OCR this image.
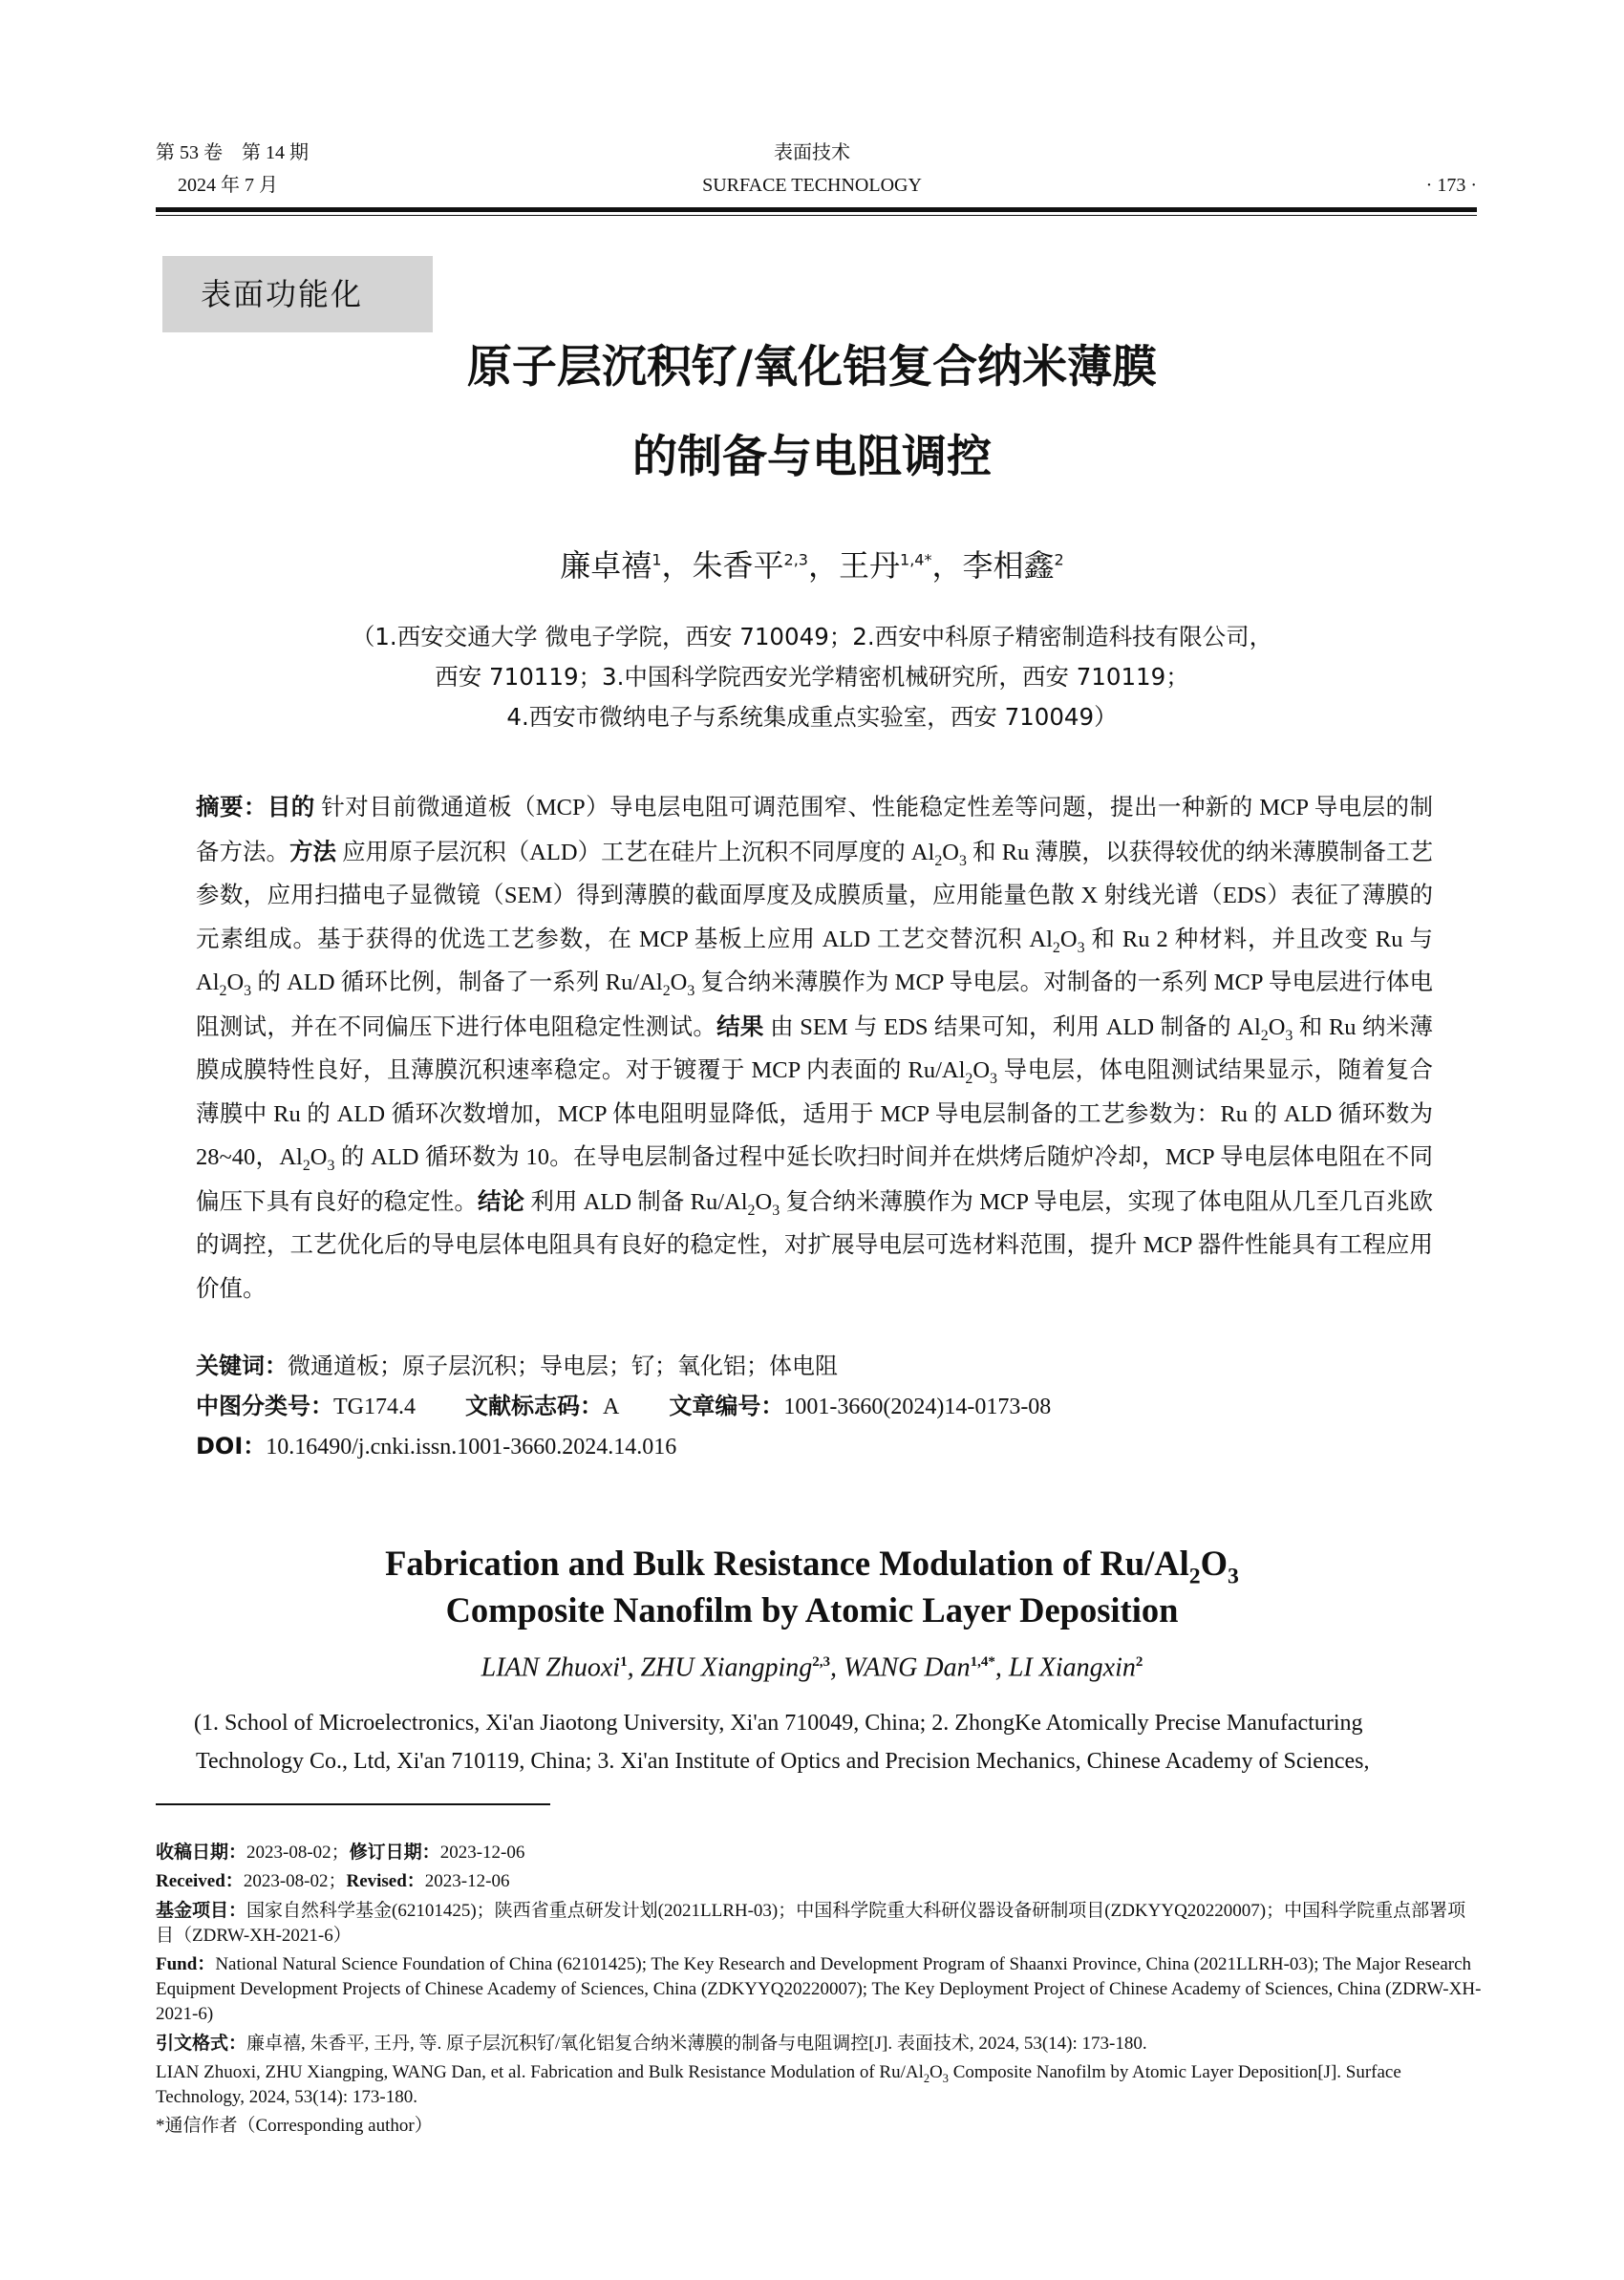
第 53 卷　第 14 期
2024 年 7 月
表面技术
SURFACE TECHNOLOGY	· 173 ·
表面功能化
原子层沉积钌/氧化铝复合纳米薄膜
的制备与电阻调控
廉卓禧$^1$，朱香平$^{2,3}$，王丹$^{1,4*}$，李相鑫$^2$
（1.西安交通大学 微电子学院，西安 710049；2.西安中科原子精密制造科技有限公司，
西安 710119；3.中国科学院西安光学精密机械研究所，西安 710119；
4.西安市微纳电子与系统集成重点实验室，西安 710049）
摘要：目的 针对目前微通道板（MCP）导电层电阻可调范围窄、性能稳定性差等问题，提出一种新的 MCP 导电层的制备方法。方法 应用原子层沉积（ALD）工艺在硅片上沉积不同厚度的 $Al_2O_3$ 和 Ru 薄膜，以获得较优的纳米薄膜制备工艺参数，应用扫描电子显微镜（SEM）得到薄膜的截面厚度及成膜质量，应用能量色散 X 射线光谱（EDS）表征了薄膜的元素组成。基于获得的优选工艺参数，在 MCP 基板上应用 ALD 工艺交替沉积 $Al_2O_3$ 和 Ru 2 种材料，并且改变 Ru 与 $Al_2O_3$ 的 ALD 循环比例，制备了一系列 $Ru/Al_2O_3$ 复合纳米薄膜作为 MCP 导电层。对制备的一系列 MCP 导电层进行体电阻测试，并在不同偏压下进行体电阻稳定性测试。结果 由 SEM 与 EDS 结果可知，利用 ALD 制备的 $Al_2O_3$ 和 Ru 纳米薄膜成膜特性良好，且薄膜沉积速率稳定。对于镀覆于 MCP 内表面的 $Ru/Al_2O_3$ 导电层，体电阻测试结果显示，随着复合薄膜中 Ru 的 ALD 循环次数增加，MCP 体电阻明显降低，适用于 MCP 导电层制备的工艺参数为：Ru 的 ALD 循环数为 28~40，$Al_2O_3$ 的 ALD 循环数为 10。在导电层制备过程中延长吹扫时间并在烘烤后随炉冷却，MCP 导电层体电阻在不同偏压下具有良好的稳定性。结论 利用 ALD 制备 $Ru/Al_2O_3$ 复合纳米薄膜作为 MCP 导电层，实现了体电阻从几至几百兆欧的调控，工艺优化后的导电层体电阻具有良好的稳定性，对扩展导电层可选材料范围，提升 MCP 器件性能具有工程应用价值。
关键词：微通道板；原子层沉积；导电层；钌；氧化铝；体电阻
中图分类号：TG174.4 文献标志码：A 文章编号：1001-3660(2024)14-0173-08
DOI：10.16490/j.cnki.issn.1001-3660.2024.14.016
Fabrication and Bulk Resistance Modulation of $Ru/Al_2O_3$
Composite Nanofilm by Atomic Layer Deposition
LIAN Zhuoxi$^1$, ZHU Xiangping$^{2,3}$, WANG Dan$^{1,4*}$, LI Xiangxin$^2$
(1. School of Microelectronics, Xi'an Jiaotong University, Xi'an 710049, China; 2. ZhongKe Atomically Precise Manufacturing
Technology Co., Ltd, Xi'an 710119, China; 3. Xi'an Institute of Optics and Precision Mechanics, Chinese Academy of Sciences,

收稿日期：2023-08-02；修订日期：2023-12-06

Received：2023-08-02；Revised：2023-12-06

基金项目：国家自然科学基金(62101425)；陕西省重点研发计划(2021LLRH-03)；中国科学院重大科研仪器设备研制项目(ZDKYYQ20220007)；中国科学院重点部署项目（ZDRW-XH-2021-6）

Fund：National Natural Science Foundation of China (62101425); The Key Research and Development Program of Shaanxi Province, China (2021LLRH-03); The Major Research Equipment Development Projects of Chinese Academy of Sciences, China (ZDKYYQ20220007); The Key Deployment Project of Chinese Academy of Sciences, China (ZDRW-XH-2021-6)

引文格式：廉卓禧, 朱香平, 王丹, 等. 原子层沉积钌/氧化铝复合纳米薄膜的制备与电阻调控[J]. 表面技术, 2024, 53(14): 173-180.

LIAN Zhuoxi, ZHU Xiangping, WANG Dan, et al. Fabrication and Bulk Resistance Modulation of $Ru/Al_2O_3$ Composite Nanofilm by Atomic Layer Deposition[J]. Surface Technology, 2024, 53(14): 173-180.

*通信作者（Corresponding author）
